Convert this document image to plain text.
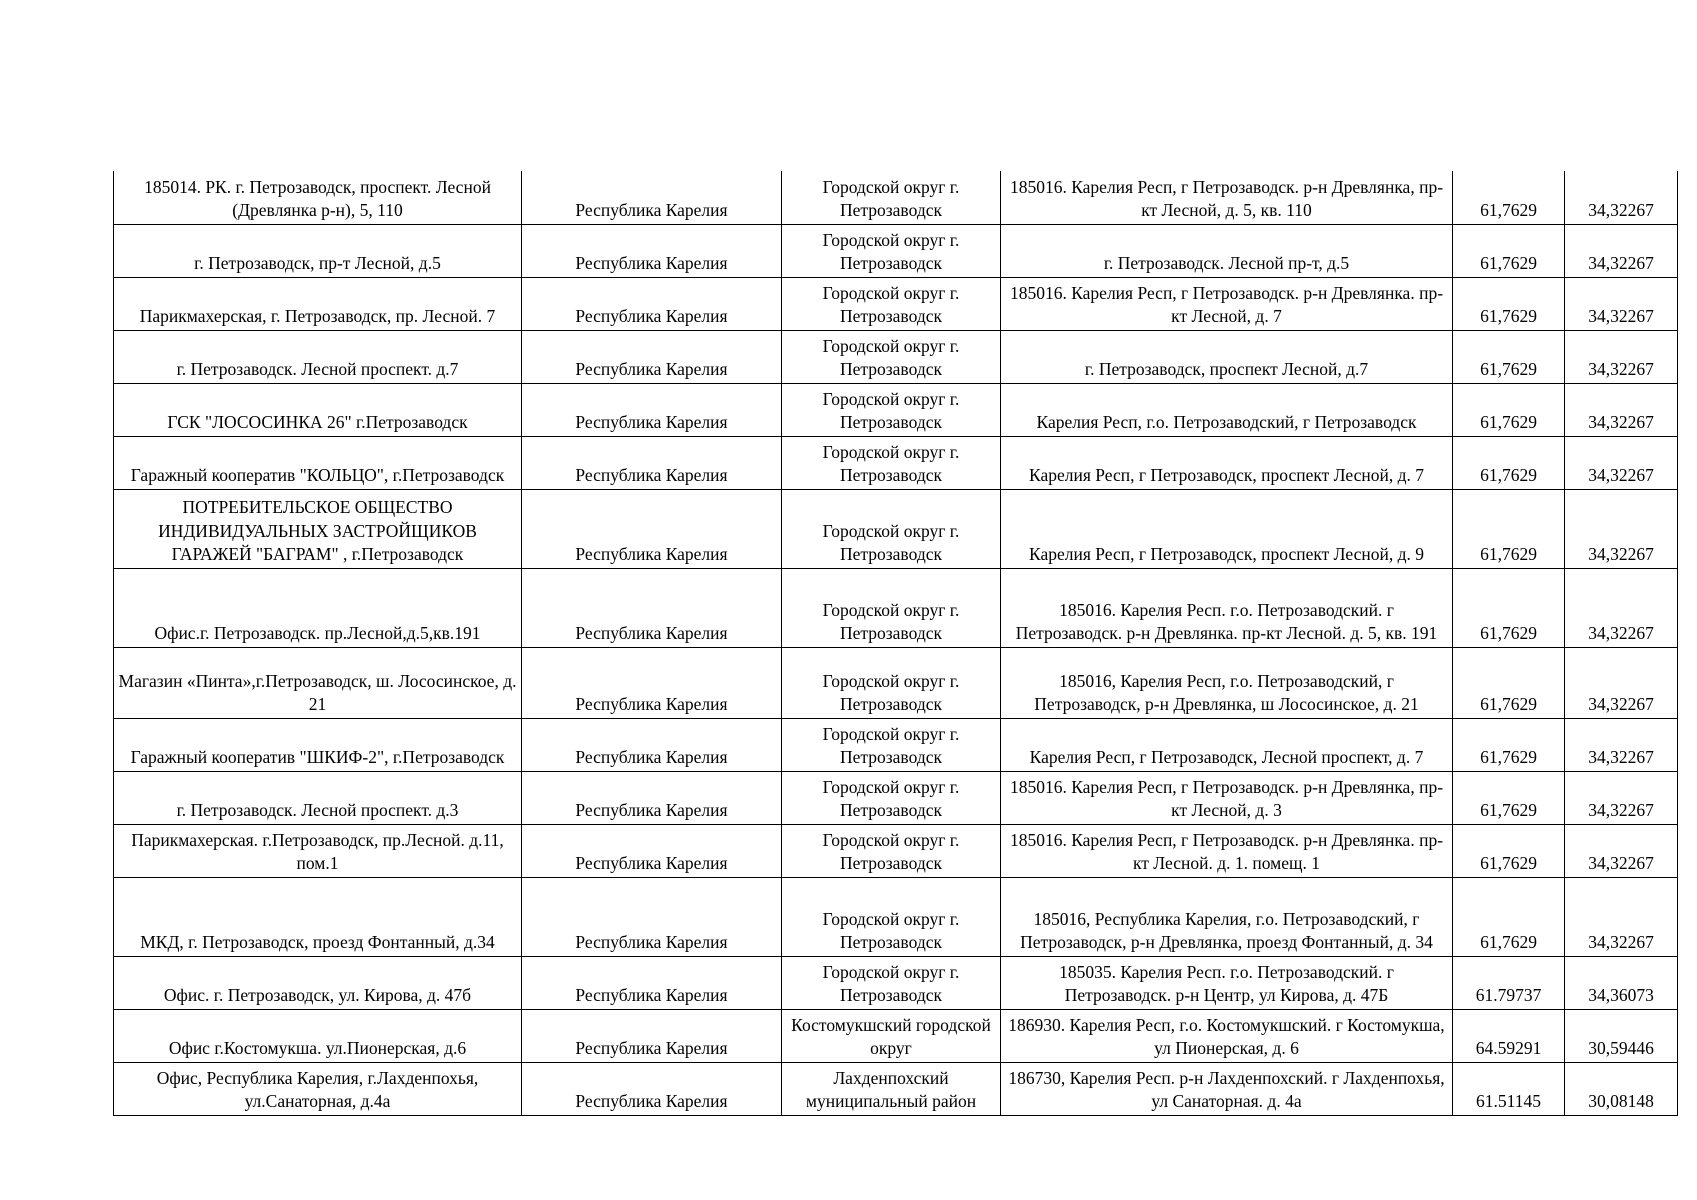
185014. РК. г. Петрозаводск, проспект. Лесной (Древлянка р-н), 5, 110	Республика Карелия	Городской округ г. Петрозаводск	185016. Карелия Респ, г Петрозаводск. р-н Древлянка, пр-кт Лесной, д. 5, кв. 110	61,7629	34,32267
г. Петрозаводск, пр-т Лесной, д.5	Республика Карелия	Городской округ г. Петрозаводск	г. Петрозаводск. Лесной пр-т, д.5	61,7629	34,32267
Парикмахерская, г. Петрозаводск, пр. Лесной. 7	Республика Карелия	Городской округ г. Петрозаводск	185016. Карелия Респ, г Петрозаводск. р-н Древлянка. пр-кт Лесной, д. 7	61,7629	34,32267
г. Петрозаводск. Лесной проспект. д.7	Республика Карелия	Городской округ г. Петрозаводск	г. Петрозаводск, проспект Лесной, д.7	61,7629	34,32267
ГСК "ЛОСОСИНКА 26" г.Петрозаводск	Республика Карелия	Городской округ г. Петрозаводск	Карелия Респ, г.о. Петрозаводский, г Петрозаводск	61,7629	34,32267
Гаражный кооператив "КОЛЬЦО", г.Петрозаводск	Республика Карелия	Городской округ г. Петрозаводск	Карелия Респ, г Петрозаводск, проспект Лесной, д. 7	61,7629	34,32267
ПОТРЕБИТЕЛЬСКОЕ ОБЩЕСТВО ИНДИВИДУАЛЬНЫХ ЗАСТРОЙЩИКОВ ГАРАЖЕЙ "БАГРАМ" , г.Петрозаводск	Республика Карелия	Городской округ г. Петрозаводск	Карелия Респ, г Петрозаводск, проспект Лесной, д. 9	61,7629	34,32267
Офис.г. Петрозаводск. пр.Лесной,д.5,кв.191	Республика Карелия	Городской округ г. Петрозаводск	185016. Карелия Респ. г.о. Петрозаводский. г Петрозаводск. р-н Древлянка. пр-кт Лесной. д. 5, кв. 191	61,7629	34,32267
Магазин «Пинта»,г.Петрозаводск, ш. Лососинское, д. 21	Республика Карелия	Городской округ г. Петрозаводск	185016, Карелия Респ, г.о. Петрозаводский, г Петрозаводск, р-н Древлянка, ш Лососинское, д. 21	61,7629	34,32267
Гаражный кооператив "ШКИФ-2", г.Петрозаводск	Республика Карелия	Городской округ г. Петрозаводск	Карелия Респ, г Петрозаводск, Лесной проспект, д. 7	61,7629	34,32267
г. Петрозаводск. Лесной проспект. д.3	Республика Карелия	Городской округ г. Петрозаводск	185016. Карелия Респ, г Петрозаводск. р-н Древлянка, пр-кт Лесной, д. 3	61,7629	34,32267
Парикмахерская. г.Петрозаводск, пр.Лесной. д.11, пом.1	Республика Карелия	Городской округ г. Петрозаводск	185016. Карелия Респ, г Петрозаводск. р-н Древлянка. пр-кт Лесной. д. 1. помещ. 1	61,7629	34,32267
МКД, г. Петрозаводск, проезд Фонтанный, д.34	Республика Карелия	Городской округ г. Петрозаводск	185016, Республика Карелия, г.о. Петрозаводский, г Петрозаводск, р-н Древлянка, проезд Фонтанный, д. 34	61,7629	34,32267
Офис. г. Петрозаводск, ул. Кирова, д. 47б	Республика Карелия	Городской округ г. Петрозаводск	185035. Карелия Респ. г.о. Петрозаводский. г Петрозаводск. р-н Центр, ул Кирова, д. 47Б	61.79737	34,36073
Офис г.Костомукша. ул.Пионерская, д.6	Республика Карелия	Костомукшский городской округ	186930. Карелия Респ, г.о. Костомукшский. г Костомукша, ул Пионерская, д. 6	64.59291	30,59446
Офис, Республика Карелия, г.Лахденпохья, ул.Санаторная, д.4а	Республика Карелия	Лахденпохский муниципальный район	186730, Карелия Респ. р-н Лахденпохский. г Лахденпохья, ул Санаторная. д. 4а	61.51145	30,08148
